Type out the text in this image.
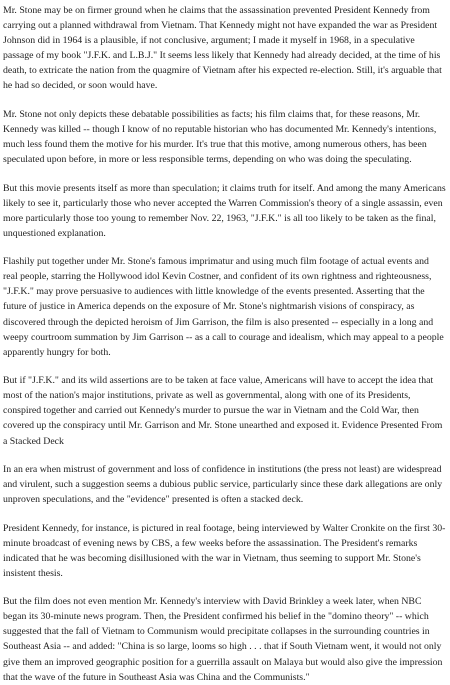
Mr. Stone may be on firmer ground when he claims that the assassination prevented President Kennedy from carrying out a planned withdrawal from Vietnam. That Kennedy might not have expanded the war as President Johnson did in 1964 is a plausible, if not conclusive, argument; I made it myself in 1968, in a speculative passage of my book "J.F.K. and L.B.J." It seems less likely that Kennedy had already decided, at the time of his death, to extricate the nation from the quagmire of Vietnam after his expected re-election. Still, it's arguable that he had so decided, or soon would have.

Mr. Stone not only depicts these debatable possibilities as facts; his film claims that, for these reasons, Mr. Kennedy was killed -- though I know of no reputable historian who has documented Mr. Kennedy's intentions, much less found them the motive for his murder. It's true that this motive, among numerous others, has been speculated upon before, in more or less responsible terms, depending on who was doing the speculating.

But this movie presents itself as more than speculation; it claims truth for itself. And among the many Americans likely to see it, particularly those who never accepted the Warren Commission's theory of a single assassin, even more particularly those too young to remember Nov. 22, 1963, "J.F.K." is all too likely to be taken as the final, unquestioned explanation.

Flashily put together under Mr. Stone's famous imprimatur and using much film footage of actual events and real people, starring the Hollywood idol Kevin Costner, and confident of its own rightness and righteousness, "J.F.K." may prove persuasive to audiences with little knowledge of the events presented. Asserting that the future of justice in America depends on the exposure of Mr. Stone's nightmarish visions of conspiracy, as discovered through the depicted heroism of Jim Garrison, the film is also presented -- especially in a long and weepy courtroom summation by Jim Garrison -- as a call to courage and idealism, which may appeal to a people apparently hungry for both.

But if "J.F.K." and its wild assertions are to be taken at face value, Americans will have to accept the idea that most of the nation's major institutions, private as well as governmental, along with one of its Presidents, conspired together and carried out Kennedy's murder to pursue the war in Vietnam and the Cold War, then covered up the conspiracy until Mr. Garrison and Mr. Stone unearthed and exposed it. Evidence Presented From a Stacked Deck

In an era when mistrust of government and loss of confidence in institutions (the press not least) are widespread and virulent, such a suggestion seems a dubious public service, particularly since these dark allegations are only unproven speculations, and the "evidence" presented is often a stacked deck.

President Kennedy, for instance, is pictured in real footage, being interviewed by Walter Cronkite on the first 30-minute broadcast of evening news by CBS, a few weeks before the assassination. The President's remarks indicated that he was becoming disillusioned with the war in Vietnam, thus seeming to support Mr. Stone's insistent thesis.

But the film does not even mention Mr. Kennedy's interview with David Brinkley a week later, when NBC began its 30-minute news program. Then, the President confirmed his belief in the "domino theory" -- which suggested that the fall of Vietnam to Communism would precipitate collapses in the surrounding countries in Southeast Asia -- and added: "China is so large, looms so high . . . that if South Vietnam went, it would not only give them an improved geographic position for a guerrilla assault on Malaya but would also give the impression that the wave of the future in Southeast Asia was China and the Communists."
